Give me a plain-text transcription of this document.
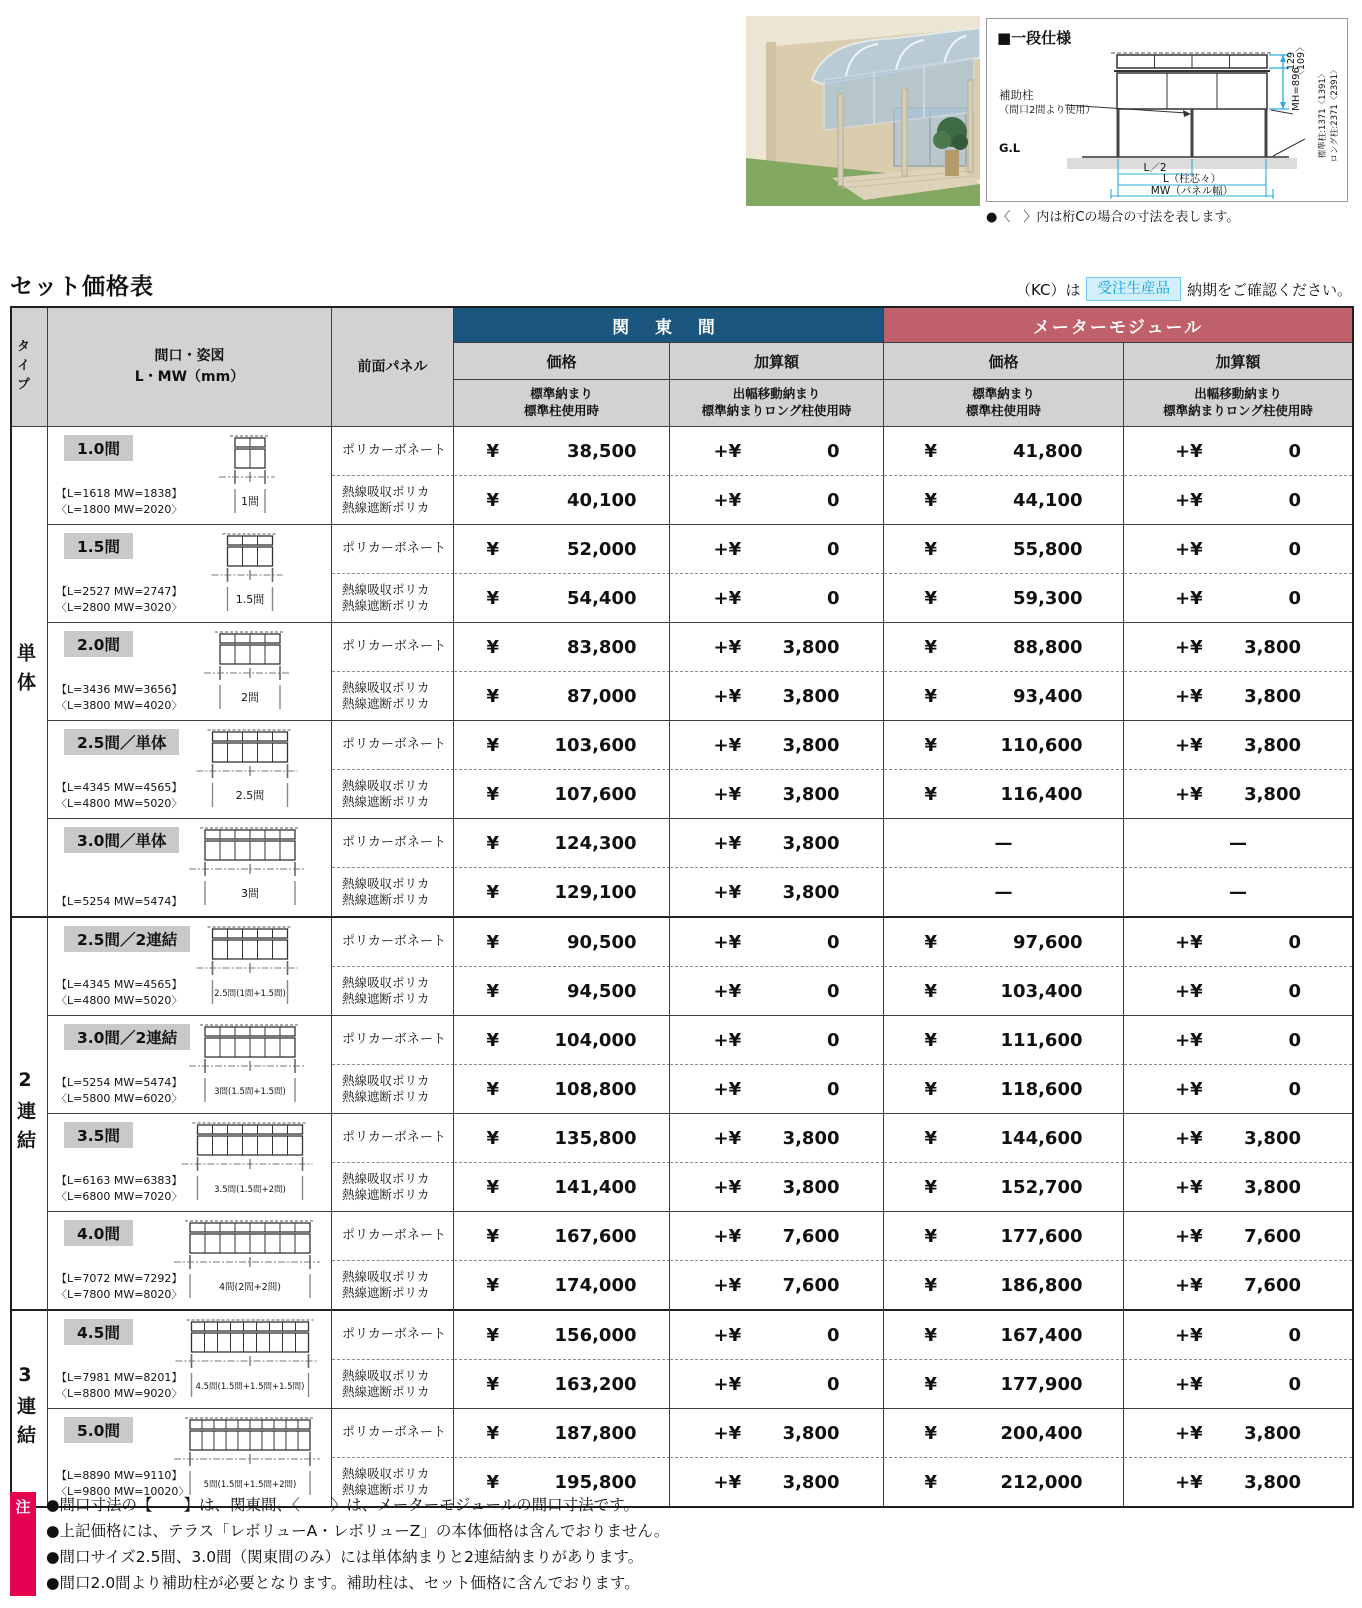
■一段仕様
補助柱
（間口2間より使用）
G.L
129 〈109〉
MH=896 標準柱:1371〈1391〉 ロング柱:2371〈2391〉
L／2
L（柱芯々）
MW（パネル幅）
●〈　〉内は桁Cの場合の寸法を表します。
セット価格表	（KC）は	受注生産品	納期をご確認ください。
タイプ	間口・姿図
L・MW（mm）	前面パネル	関 東 間		メーターモジュール	
			価格	加算額	価格	加算額

標準納まり
標準柱使用時

出幅移動納まり
標準納まりロング柱使用時

標準納まり
標準柱使用時

出幅移動納まり
標準納まりロング柱使用時

単体

1.0間
【L=1618 MW=1838】
〈L=1800 MW=2020〉
1間

ポリカーボネート	¥	38,500	+¥	0	¥	41,800	+¥	0

熱線吸収ポリカ
熱線遮断ポリカ	¥	40,100	+¥	0	¥	44,100	+¥	0

1.5間
【L=2527 MW=2747】
〈L=2800 MW=3020〉
1.5間

ポリカーボネート	¥	52,000	+¥	0	¥	55,800	+¥	0

熱線吸収ポリカ
熱線遮断ポリカ	¥	54,400	+¥	0	¥	59,300	+¥	0

2.0間
【L=3436 MW=3656】
〈L=3800 MW=4020〉
2間

ポリカーボネート	¥	83,800	+¥ 3,800	¥	88,800	+¥ 3,800

熱線吸収ポリカ
熱線遮断ポリカ	¥	87,000	+¥ 3,800	¥	93,400	+¥ 3,800

2.5間／単体
【L=4345 MW=4565】
〈L=4800 MW=5020〉
2.5間

ポリカーボネート	¥	103,600	+¥ 3,800	¥	110,600	+¥ 3,800

熱線吸収ポリカ
熱線遮断ポリカ	¥	107,600	+¥ 3,800	¥	116,400	+¥ 3,800

3.0間／単体
【L=5254 MW=5474】
3間

ポリカーボネート	¥	124,300	+¥ 3,800	—	—

熱線吸収ポリカ
熱線遮断ポリカ	¥	129,100	+¥ 3,800	—	—

2連結

2.5間／2連結
【L=4345 MW=4565】
〈L=4800 MW=5020〉	2.5間(1間+1.5間)

ポリカーボネート	¥	90,500	+¥	0	¥	97,600	+¥	0

熱線吸収ポリカ
熱線遮断ポリカ	¥	94,500	+¥	0	¥	103,400	+¥	0

3.0間／2連結
【L=5254 MW=5474】
〈L=5800 MW=6020〉	3間(1.5間+1.5間)

ポリカーボネート	¥	104,000	+¥	0	¥	111,600	+¥	0

熱線吸収ポリカ
熱線遮断ポリカ	¥	108,800	+¥	0	¥	118,600	+¥	0

3.5間
【L=6163 MW=6383】
〈L=6800 MW=7020〉	3.5間(1.5間+2間)

ポリカーボネート	¥	135,800	+¥ 3,800	¥	144,600	+¥ 3,800

熱線吸収ポリカ
熱線遮断ポリカ	¥	141,400	+¥ 3,800	¥	152,700	+¥ 3,800

4.0間
【L=7072 MW=7292】
〈L=7800 MW=8020〉
4間(2間+2間)

ポリカーボネート	¥	167,600	+¥ 7,600	¥	177,600	+¥ 7,600

熱線吸収ポリカ
熱線遮断ポリカ	¥	174,000	+¥ 7,600	¥	186,800	+¥ 7,600

3連結

4.5間
【L=7981 MW=8201】
〈L=8800 MW=9020〉 4.5間(1.5間+1.5間+1.5間)

ポリカーボネート	¥	156,000	+¥	0	¥	167,400	+¥	0

熱線吸収ポリカ
熱線遮断ポリカ	¥	163,200	+¥	0	¥	177,900	+¥	0

5.0間
【L=8890 MW=9110】
〈L=9800 MW=10020〉 5間(1.5間+1.5間+2間)

ポリカーボネート	¥	187,800	+¥ 3,800	¥	200,400	+¥ 3,800

熱線吸収ポリカ
熱線遮断ポリカ	¥	195,800	+¥ 3,800	¥	212,000	+¥ 3,800
注	●間口寸法の【　　】は、関東間、〈　　〉は、メーターモジュールの間口寸法です。
●上記価格には、テラス「レボリューA・レボリューZ」の本体価格は含んでおりません。
●間口サイズ2.5間、3.0間（関東間のみ）には単体納まりと2連結納まりがあります。
●間口2.0間より補助柱が必要となります。補助柱は、セット価格に含んでおります。
